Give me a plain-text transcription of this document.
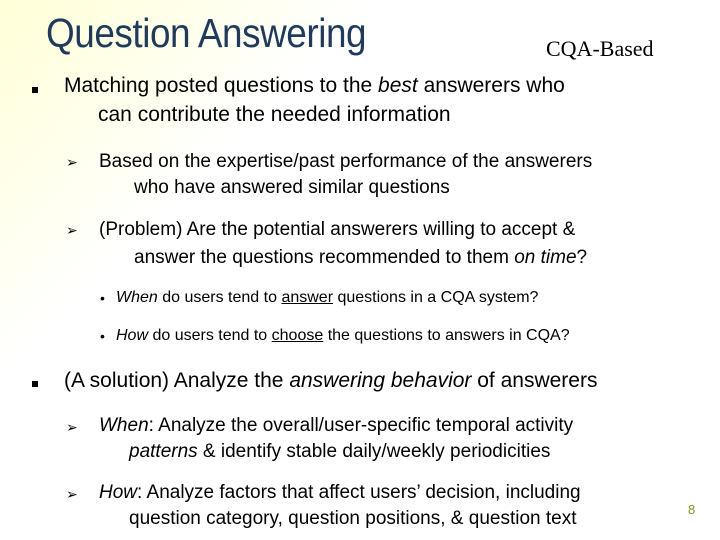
Question Answering	CQA-Based
Matching posted questions to the best answerers who
can contribute the needed information
➢ Based on the expertise/past performance of the answerers
who have answered similar questions
➢ (Problem) Are the potential answerers willing to accept &
answer the questions recommended to them on time?
• When do users tend to answer questions in a CQA system?
• How do users tend to choose the questions to answers in CQA?
(A solution) Analyze the answering behavior of answerers
➢ When: Analyze the overall/user-specific temporal activity
patterns & identify stable daily/weekly periodicities
➢ How: Analyze factors that affect users’ decision, including
question category, question positions, & question text	8
